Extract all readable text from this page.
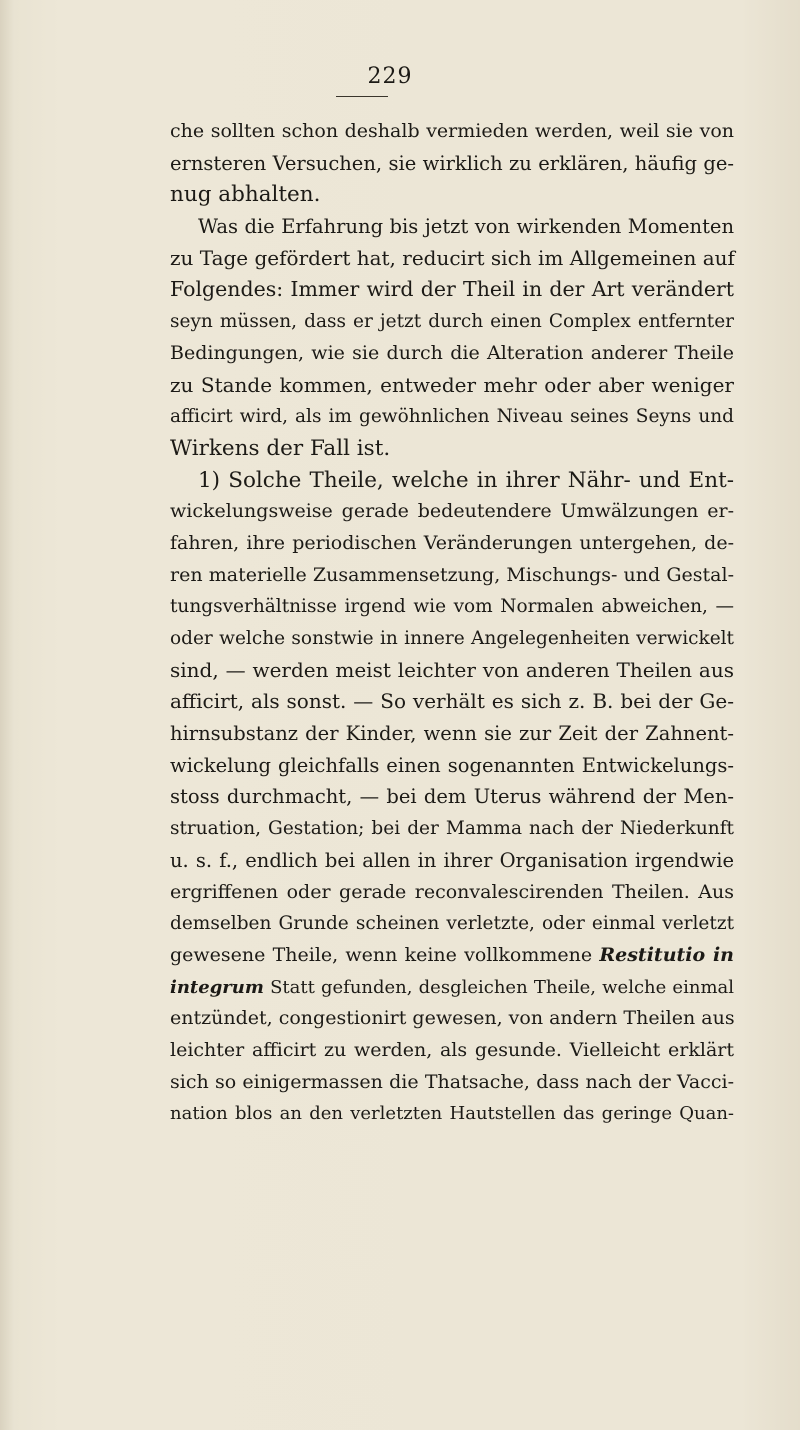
229
che sollten schon deshalb vermieden werden, weil sie von
ernsteren Versuchen, sie wirklich zu erklären, häufig ge-
nug abhalten.
Was die Erfahrung bis jetzt von wirkenden Momenten
zu Tage gefördert hat, reducirt sich im Allgemeinen auf
Folgendes: Immer wird der Theil in der Art verändert
seyn müssen, dass er jetzt durch einen Complex entfernter
Bedingungen, wie sie durch die Alteration anderer Theile
zu Stande kommen, entweder mehr oder aber weniger
afficirt wird, als im gewöhnlichen Niveau seines Seyns und
Wirkens der Fall ist.
1) Solche Theile, welche in ihrer Nähr- und Ent-
wickelungsweise gerade bedeutendere Umwälzungen er-
fahren, ihre periodischen Veränderungen untergehen, de-
ren materielle Zusammensetzung, Mischungs- und Gestal-
tungsverhältnisse irgend wie vom Normalen abweichen, —
oder welche sonstwie in innere Angelegenheiten verwickelt
sind, — werden meist leichter von anderen Theilen aus
afficirt, als sonst. — So verhält es sich z. B. bei der Ge-
hirnsubstanz der Kinder, wenn sie zur Zeit der Zahnent-
wickelung gleichfalls einen sogenannten Entwickelungs-
stoss durchmacht, — bei dem Uterus während der Men-
struation, Gestation; bei der Mamma nach der Niederkunft
u. s. f., endlich bei allen in ihrer Organisation irgendwie
ergriffenen oder gerade reconvalescirenden Theilen. Aus
demselben Grunde scheinen verletzte, oder einmal verletzt
gewesene Theile, wenn keine vollkommene Restitutio in
integrum Statt gefunden, desgleichen Theile, welche einmal
entzündet, congestionirt gewesen, von andern Theilen aus
leichter afficirt zu werden, als gesunde. Vielleicht erklärt
sich so einigermassen die Thatsache, dass nach der Vacci-
nation blos an den verletzten Hautstellen das geringe Quan-
